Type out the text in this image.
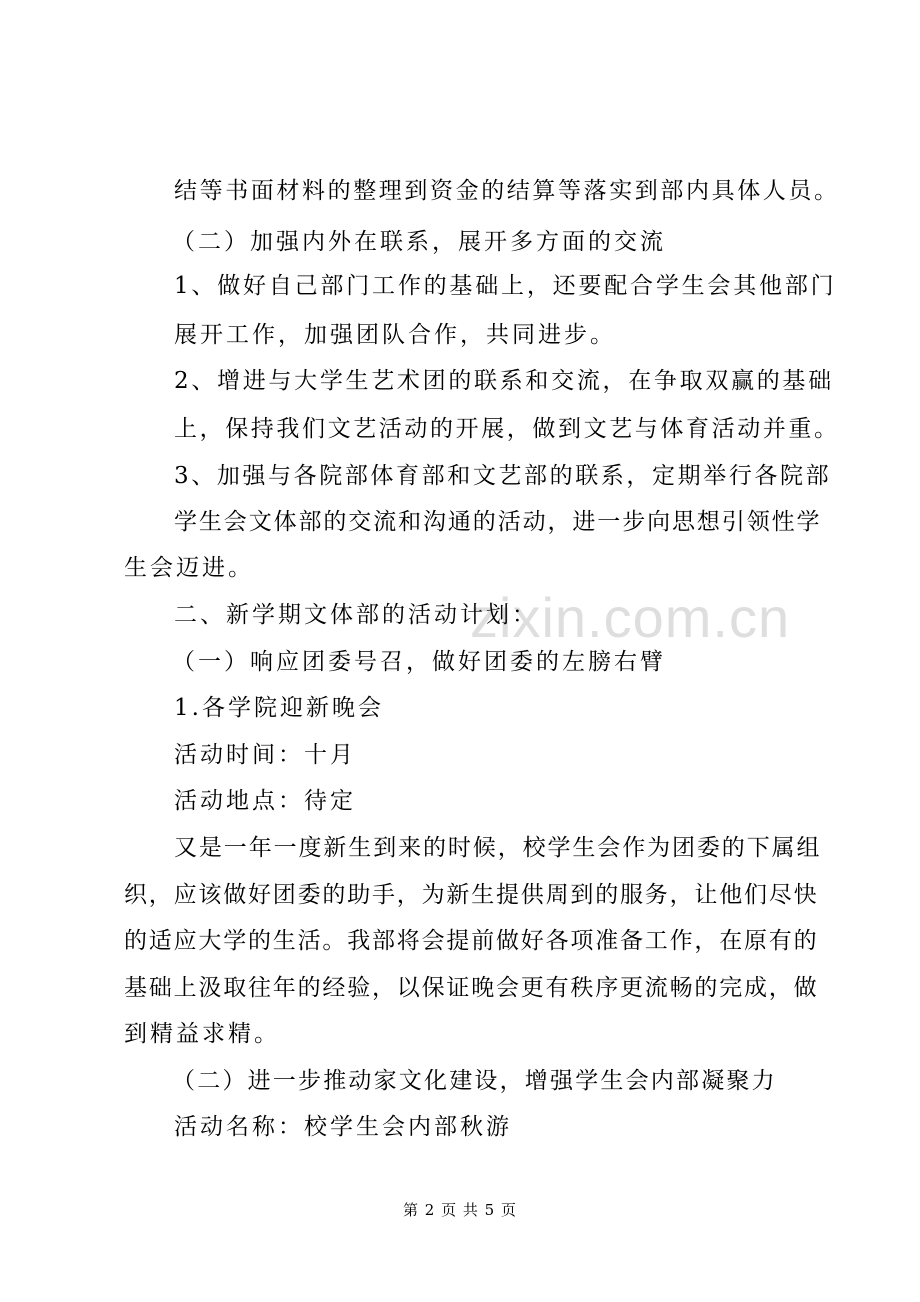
zixin.com.cn
结等书面材料的整理到资金的结算等落实到部内具体人员。
（二）加强内外在联系，展开多方面的交流
1、做好自己部门工作的基础上，还要配合学生会其他部门
展开工作，加强团队合作，共同进步。
2、增进与大学生艺术团的联系和交流，在争取双赢的基础
上，保持我们文艺活动的开展，做到文艺与体育活动并重。
3、加强与各院部体育部和文艺部的联系，定期举行各院部
学生会文体部的交流和沟通的活动，进一步向思想引领性学
生会迈进。
二、新学期文体部的活动计划：
（一）响应团委号召，做好团委的左膀右臂
1.各学院迎新晚会
活动时间：十月
活动地点：待定
又是一年一度新生到来的时候，校学生会作为团委的下属组
织，应该做好团委的助手，为新生提供周到的服务，让他们尽快
的适应大学的生活。我部将会提前做好各项准备工作，在原有的
基础上汲取往年的经验，以保证晚会更有秩序更流畅的完成，做
到精益求精。
（二）进一步推动家文化建设，增强学生会内部凝聚力
活动名称：校学生会内部秋游
第 2 页 共 5 页
